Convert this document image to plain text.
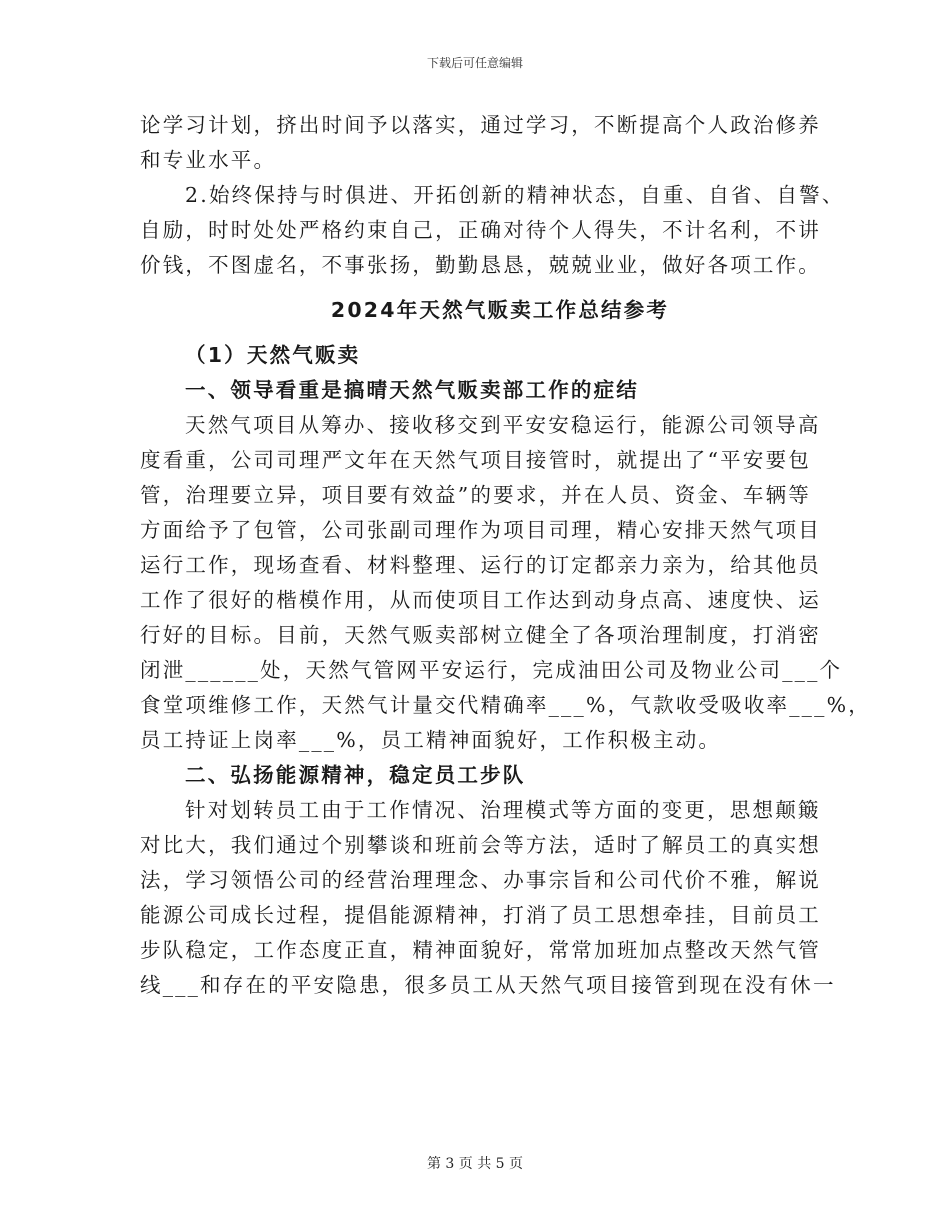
下载后可任意编辑
论学习计划，挤出时间予以落实，通过学习，不断提高个人政治修养
和专业水平。
2.始终保持与时俱进、开拓创新的精神状态，自重、自省、自警、
自励，时时处处严格约束自己，正确对待个人得失，不计名利，不讲
价钱，不图虚名，不事张扬，勤勤恳恳，兢兢业业，做好各项工作。
2024年天然气贩卖工作总结参考
（1）天然气贩卖
一、领导看重是搞晴天然气贩卖部工作的症结
天然气项目从筹办、接收移交到平安安稳运行，能源公司领导高
度看重，公司司理严文年在天然气项目接管时，就提出了“平安要包
管，治理要立异，项目要有效益”的要求，并在人员、资金、车辆等
方面给予了包管，公司张副司理作为项目司理，精心安排天然气项目
运行工作，现场查看、材料整理、运行的订定都亲力亲为，给其他员
工作了很好的楷模作用，从而使项目工作达到动身点高、速度快、运
行好的目标。目前，天然气贩卖部树立健全了各项治理制度，打消密
闭泄______处，天然气管网平安运行，完成油田公司及物业公司___个
食堂项维修工作，天然气计量交代精确率___%，气款收受吸收率___%，
员工持证上岗率___%，员工精神面貌好，工作积极主动。
二、弘扬能源精神，稳定员工步队
针对划转员工由于工作情况、治理模式等方面的变更，思想颠簸
对比大，我们通过个别攀谈和班前会等方法，适时了解员工的真实想
法，学习领悟公司的经营治理理念、办事宗旨和公司代价不雅，解说
能源公司成长过程，提倡能源精神，打消了员工思想牵挂，目前员工
步队稳定，工作态度正直，精神面貌好，常常加班加点整改天然气管
线___和存在的平安隐患，很多员工从天然气项目接管到现在没有休一
第 3 页 共 5 页
